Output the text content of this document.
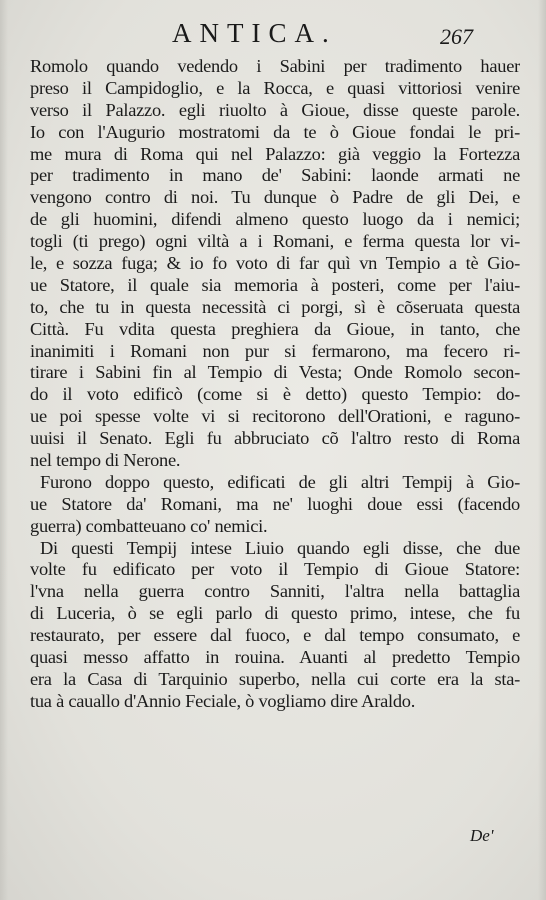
ANTICA.	267
Romolo quando vedendo i Sabini per tradimento hauer
preso il Campidoglio, e la Rocca, e quasi vittoriosi venire
verso il Palazzo. egli riuolto à Gioue, disse queste parole.
Io con l'Augurio mostratomi da te ò Gioue fondai le pri-
me mura di Roma qui nel Palazzo: già veggio la Fortezza
per tradimento in mano de' Sabini: laonde armati ne
vengono contro di noi. Tu dunque ò Padre de gli Dei, e
de gli huomini, difendi almeno questo luogo da i nemici;
togli (ti prego) ogni viltà a i Romani, e ferma questa lor vi-
le, e sozza fuga; & io fo voto di far quì vn Tempio a tè Gio-
ue Statore, il quale sia memoria à posteri, come per l'aiu-
to, che tu in questa necessità ci porgi, sì è cõseruata questa
Città. Fu vdita questa preghiera da Gioue, in tanto, che
inanimiti i Romani non pur si fermarono, ma fecero ri-
tirare i Sabini fin al Tempio di Vesta; Onde Romolo secon-
do il voto edificò (come si è detto) questo Tempio: do-
ue poi spesse volte vi si recitorono dell'Orationi, e raguno-
uuisi il Senato. Egli fu abbruciato cõ l'altro resto di Roma
nel tempo di Nerone.
Furono doppo questo, edificati de gli altri Tempij à Gio-
ue Statore da' Romani, ma ne' luoghi doue essi (facendo
guerra) combatteuano co' nemici.
Di questi Tempij intese Liuio quando egli disse, che due
volte fu edificato per voto il Tempio di Gioue Statore:
l'vna nella guerra contro Sanniti, l'altra nella battaglia
di Luceria, ò se egli parlo di questo primo, intese, che fu
restaurato, per essere dal fuoco, e dal tempo consumato, e
quasi messo affatto in rouina. Auanti al predetto Tempio
era la Casa di Tarquinio superbo, nella cui corte era la sta-
tua à cauallo d'Annio Feciale, ò vogliamo dire Araldo.
De'
